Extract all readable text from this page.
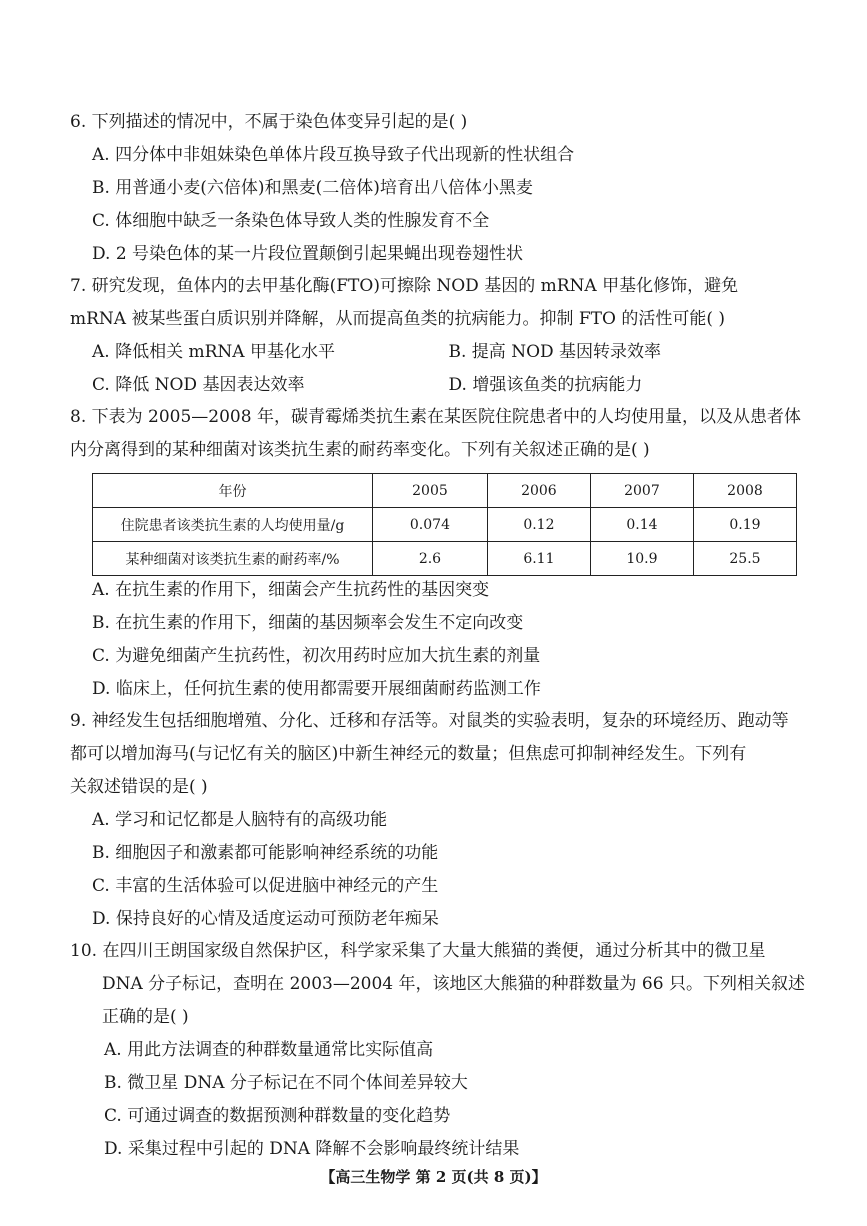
6. 下列描述的情况中，不属于染色体变异引起的是( )
A. 四分体中非姐妹染色单体片段互换导致子代出现新的性状组合
B. 用普通小麦(六倍体)和黑麦(二倍体)培育出八倍体小黑麦
C. 体细胞中缺乏一条染色体导致人类的性腺发育不全
D. 2 号染色体的某一片段位置颠倒引起果蝇出现卷翅性状
7. 研究发现，鱼体内的去甲基化酶(FTO)可擦除 NOD 基因的 mRNA 甲基化修饰，避免
mRNA 被某些蛋白质识别并降解，从而提高鱼类的抗病能力。抑制 FTO 的活性可能( )
A. 降低相关 mRNA 甲基化水平	B. 提高 NOD 基因转录效率
C. 降低 NOD 基因表达效率	D. 增强该鱼类的抗病能力
8. 下表为 2005—2008 年，碳青霉烯类抗生素在某医院住院患者中的人均使用量，以及从患者体
内分离得到的某种细菌对该类抗生素的耐药率变化。下列有关叙述正确的是( )
年份	2005	2006	2007	2008
住院患者该类抗生素的人均使用量/g	0.074	0.12	0.14	0.19
某种细菌对该类抗生素的耐药率/%	2.6	6.11	10.9	25.5
A. 在抗生素的作用下，细菌会产生抗药性的基因突变
B. 在抗生素的作用下，细菌的基因频率会发生不定向改变
C. 为避免细菌产生抗药性，初次用药时应加大抗生素的剂量
D. 临床上，任何抗生素的使用都需要开展细菌耐药监测工作
9. 神经发生包括细胞增殖、分化、迁移和存活等。对鼠类的实验表明，复杂的环境经历、跑动等
都可以增加海马(与记忆有关的脑区)中新生神经元的数量；但焦虑可抑制神经发生。下列有
关叙述错误的是( )
A. 学习和记忆都是人脑特有的高级功能
B. 细胞因子和激素都可能影响神经系统的功能
C. 丰富的生活体验可以促进脑中神经元的产生
D. 保持良好的心情及适度运动可预防老年痴呆
10. 在四川王朗国家级自然保护区，科学家采集了大量大熊猫的粪便，通过分析其中的微卫星
DNA 分子标记，查明在 2003—2004 年，该地区大熊猫的种群数量为 66 只。下列相关叙述
正确的是( )
A. 用此方法调查的种群数量通常比实际值高
B. 微卫星 DNA 分子标记在不同个体间差异较大
C. 可通过调查的数据预测种群数量的变化趋势
D. 采集过程中引起的 DNA 降解不会影响最终统计结果
【高三生物学 第 2 页(共 8 页)】
